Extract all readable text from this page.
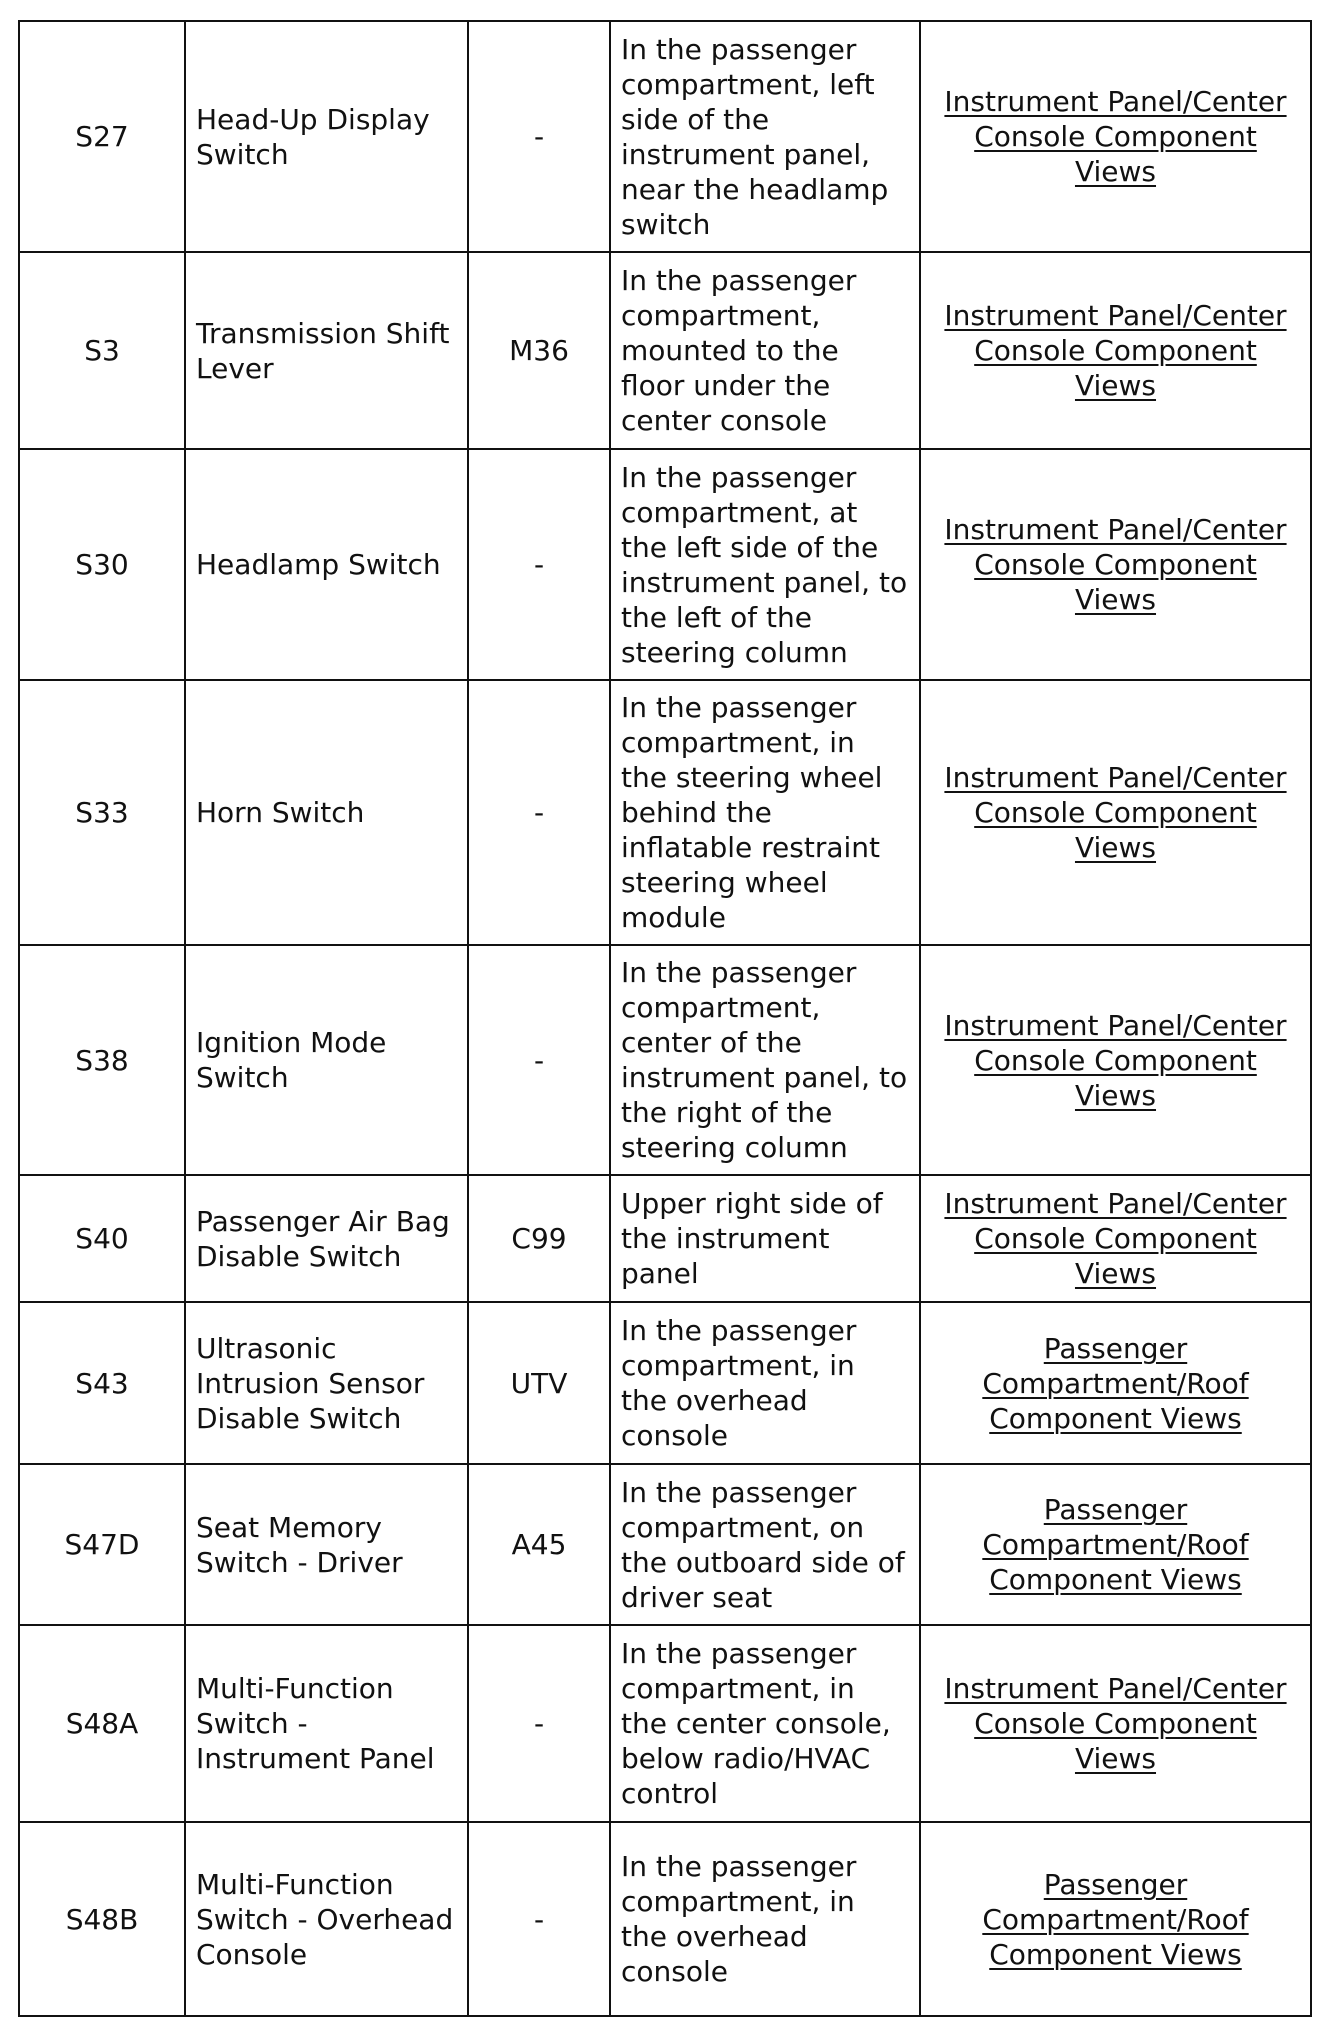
S27	Head-Up Display Switch	-	In the passenger compartment, left side of the instrument panel, near the headlamp switch	Instrument Panel/Center Console Component Views

S3	Transmission Shift Lever	M36	In the passenger compartment, mounted to the floor under the center console	Instrument Panel/Center Console Component Views

S30	Headlamp Switch	-	In the passenger compartment, at the left side of the instrument panel, to the left of the steering column	Instrument Panel/Center Console Component Views

S33	Horn Switch	-	In the passenger compartment, in the steering wheel behind the inflatable restraint steering wheel module	Instrument Panel/Center Console Component Views

S38	Ignition Mode Switch	-	In the passenger compartment, center of the instrument panel, to the right of the steering column	Instrument Panel/Center Console Component Views

S40	Passenger Air Bag Disable Switch	C99	Upper right side of the instrument panel	Instrument Panel/Center Console Component Views

S43	Ultrasonic Intrusion Sensor Disable Switch	UTV	In the passenger compartment, in the overhead console	Passenger Compartment/Roof Component Views

S47D	Seat Memory Switch - Driver	A45	In the passenger compartment, on the outboard side of driver seat	Passenger Compartment/Roof Component Views

S48A	Multi-Function Switch - Instrument Panel	-	In the passenger compartment, in the center console, below radio/HVAC control	Instrument Panel/Center Console Component Views

S48B	Multi-Function Switch - Overhead Console	-	In the passenger compartment, in the overhead console	Passenger Compartment/Roof Component Views
